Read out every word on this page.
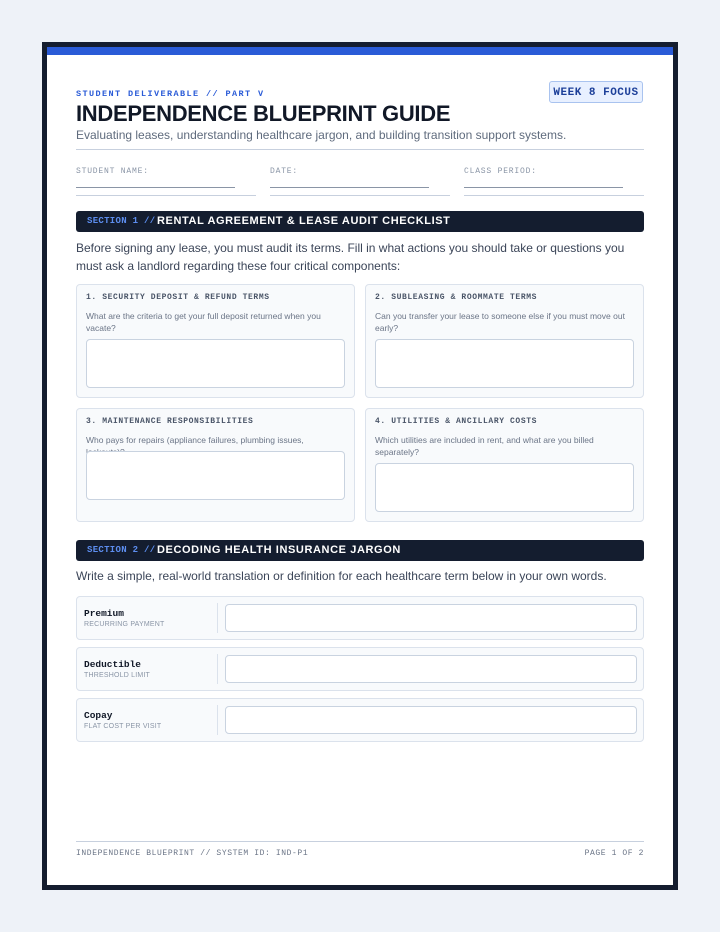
STUDENT DELIVERABLE // PART V	WEEK 8 FOCUS
INDEPENDENCE BLUEPRINT GUIDE
Evaluating leases, understanding healthcare jargon, and building transition support systems.
STUDENT NAME:	DATE:	CLASS PERIOD:
SECTION 1 // RENTAL AGREEMENT & LEASE AUDIT CHECKLIST
Before signing any lease, you must audit its terms. Fill in what actions you should take or questions you must ask a landlord regarding these four critical components:
1. SECURITY DEPOSIT & REFUND TERMS
What are the criteria to get your full deposit returned when you vacate?
2. SUBLEASING & ROOMMATE TERMS
Can you transfer your lease to someone else if you must move out early?
3. MAINTENANCE RESPONSIBILITIES
Who pays for repairs (appliance failures, plumbing issues,
4. UTILITIES & ANCILLARY COSTS
Which utilities are included in rent, and what are you billed separately?
SECTION 2 // DECODING HEALTH INSURANCE JARGON
Write a simple, real-world translation or definition for each healthcare term below in your own words.
Premium
RECURRING PAYMENT
Deductible
THRESHOLD LIMIT
Copay
FLAT COST PER VISIT
INDEPENDENCE BLUEPRINT // SYSTEM ID: IND-P1	PAGE 1 OF 2
